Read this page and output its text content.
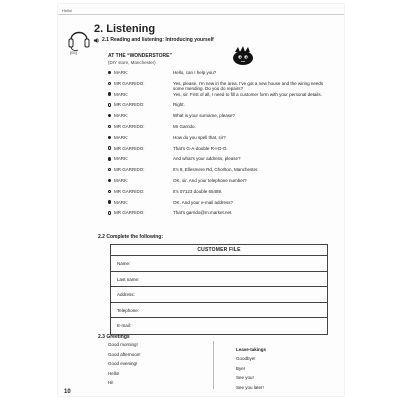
Hello!
[05]
2. Listening
2.1 Reading and listening: Introducing yourself
AT THE “WONDERSTORE”
(DIY store, Manchester)
MARK:	Hello, can I help you?
MR GARRIDO:	Yes, please. I’m new in the area. I’ve got a new house and the wiring needs some mending. Do you do repairs?
MARK:	Yes, sir. First of all, I need to fill a customer form with your personal details.
MR GARRIDO:	Right.
MARK:	What is your surname, please?
MR GARRIDO:	Mr Garrido.
MARK:	How do you spell that, sir?
MR GARRIDO:	That’s G-A-double R-I-D-O.
MARK:	And what’s your address, please?
MR GARRIDO:	It’s 8, Ellesmere Rd, Chorlton, Manchester.
MARK:	OK, sir. And your telephone number?
MR GARRIDO:	It’s 07123 double 65489.
MARK:	OK. And your e-mail address?
MR GARRIDO:	That’s garrido@m.market.net.
2.2 Complete the following:
CUSTOMER FILE
Name:
Last name:
Address:
Telephone:
E-mail:
2.3 Greetings
Good morning!
Good afternoon!
Good evening!
Hello!
Hi!
Leave-takings
Goodbye!
Bye!
See you!
See you later!
10
